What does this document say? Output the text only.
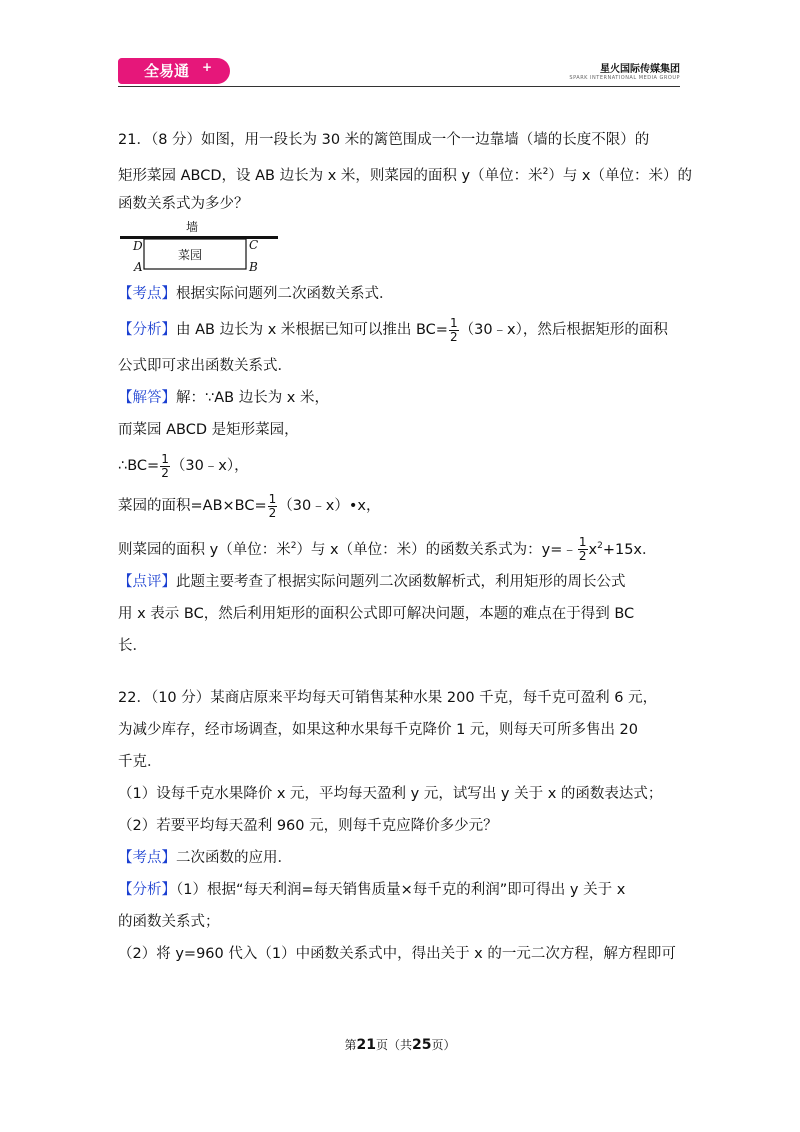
全易通 +	星火国际传媒集团
SPARK INTERNATIONAL MEDIA GROUP
21．（8 分）如图，用一段长为 30 米的篱笆围成一个一边靠墙（墙的长度不限）的
矩形菜园 ABCD，设 AB 边长为 x 米，则菜园的面积 y（单位：米$^2$）与 x（单位：米）的
函数关系式为多少？
墙
菜园
D	C
A	B
【考点】根据实际问题列二次函数关系式．
【分析】由 AB 边长为 x 米根据已知可以推出 $BC= \frac{1}{2}$ （30﹣x），然后根据矩形的面积
公式即可求出函数关系式．
【解答】解：∵AB 边长为 x 米，
而菜园 ABCD 是矩形菜园，
∴BC= $\frac{1}{2}$ （30﹣x），
菜园的面积$=AB\times BC= \frac{1}{2}$ （30﹣x）•x，
则菜园的面积 y（单位：米$^2$）与 x（单位：米）的函数关系式为：y=﹣ $\frac{1}{2} x^2+15x$．
【点评】此题主要考查了根据实际问题列二次函数解析式，利用矩形的周长公式
用 x 表示 BC，然后利用矩形的面积公式即可解决问题，本题的难点在于得到 BC
长．
22．（10 分）某商店原来平均每天可销售某种水果 200 千克，每千克可盈利 6 元，
为减少库存，经市场调查，如果这种水果每千克降价 1 元，则每天可所多售出 20
千克．
（1）设每千克水果降价 x 元，平均每天盈利 y 元，试写出 y 关于 x 的函数表达式；
（2）若要平均每天盈利 960 元，则每千克应降价多少元？
【考点】二次函数的应用．
【分析】（1）根据“每天利润=每天销售质量×每千克的利润”即可得出 y 关于 x
的函数关系式；
（2）将 y=960 代入（1）中函数关系式中，得出关于 x 的一元二次方程，解方程即可
第21页（共25页）
